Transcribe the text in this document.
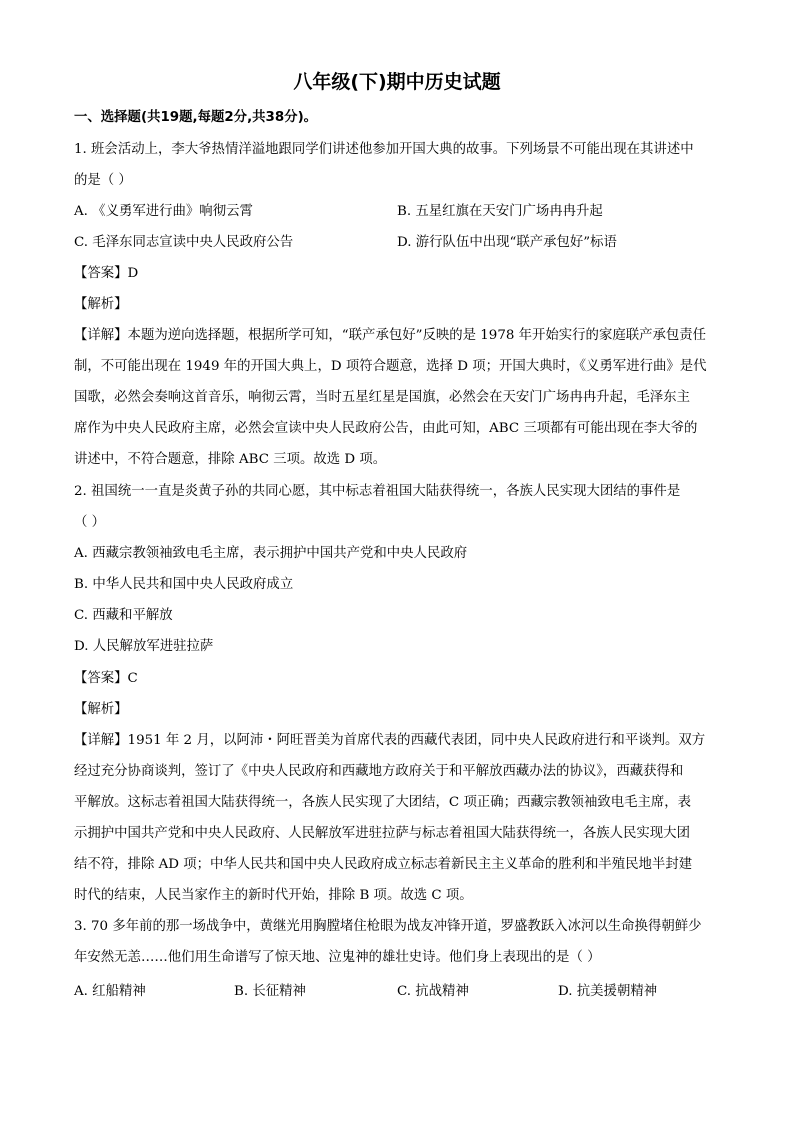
八年级(下)期中历史试题
一、选择题(共19题,每题2分,共38分)。
1. 班会活动上，李大爷热情洋溢地跟同学们讲述他参加开国大典的故事。下列场景不可能出现在其讲述中
的是（ ）
A. 《义勇军进行曲》响彻云霄	B. 五星红旗在天安门广场冉冉升起
C. 毛泽东同志宣读中央人民政府公告	D. 游行队伍中出现“联产承包好”标语
【答案】D
【解析】
【详解】本题为逆向选择题，根据所学可知，“联产承包好”反映的是 1978 年开始实行的家庭联产承包责任
制，不可能出现在 1949 年的开国大典上，D 项符合题意，选择 D 项；开国大典时，《义勇军进行曲》是代
国歌，必然会奏响这首音乐，响彻云霄，当时五星红星是国旗，必然会在天安门广场冉冉升起，毛泽东主
席作为中央人民政府主席，必然会宣读中央人民政府公告，由此可知，ABC 三项都有可能出现在李大爷的
讲述中，不符合题意，排除 ABC 三项。故选 D 项。
2. 祖国统一一直是炎黄子孙的共同心愿，其中标志着祖国大陆获得统一，各族人民实现大团结的事件是
（ ）
A. 西藏宗教领袖致电毛主席，表示拥护中国共产党和中央人民政府
B. 中华人民共和国中央人民政府成立
C. 西藏和平解放
D. 人民解放军进驻拉萨
【答案】C
【解析】
【详解】1951 年 2 月，以阿沛・阿旺晋美为首席代表的西藏代表团，同中央人民政府进行和平谈判。双方
经过充分协商谈判，签订了《中央人民政府和西藏地方政府关于和平解放西藏办法的协议》，西藏获得和
平解放。这标志着祖国大陆获得统一，各族人民实现了大团结，C 项正确；西藏宗教领袖致电毛主席，表
示拥护中国共产党和中央人民政府、人民解放军进驻拉萨与标志着祖国大陆获得统一，各族人民实现大团
结不符，排除 AD 项；中华人民共和国中央人民政府成立标志着新民主主义革命的胜利和半殖民地半封建
时代的结束，人民当家作主的新时代开始，排除 B 项。故选 C 项。
3. 70 多年前的那一场战争中，黄继光用胸膛堵住枪眼为战友冲锋开道，罗盛教跃入冰河以生命换得朝鲜少
年安然无恙……他们用生命谱写了惊天地、泣鬼神的雄壮史诗。他们身上表现出的是（ ）
A. 红船精神	B. 长征精神	C. 抗战精神	D. 抗美援朝精神
